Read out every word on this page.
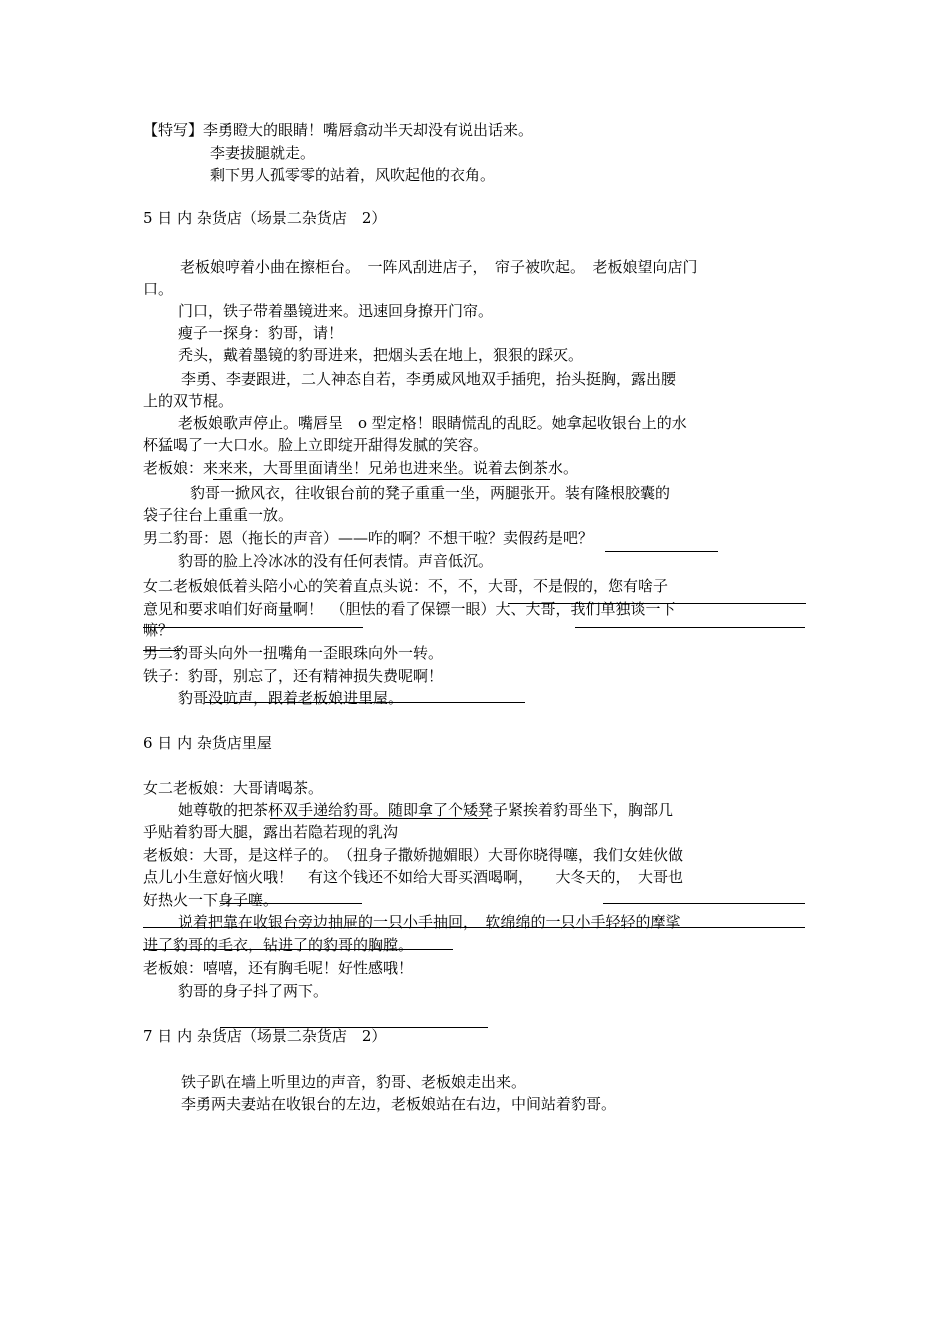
【特写】李勇瞪大的眼睛！嘴唇翕动半天却没有说出话来。
李妻拔腿就走。
剩下男人孤零零的站着，风吹起他的衣角。
5 日 内 杂货店（场景二杂货店　2）
老板娘哼着小曲在擦柜台。　一阵风刮进店子，　帘子被吹起。　老板娘望向店门
口。
门口，铁子带着墨镜进来。迅速回身撩开门帘。
瘦子一探身：豹哥，请！
秃头，戴着墨镜的豹哥进来，把烟头丢在地上，狠狠的踩灭。
李勇、李妻跟进，二人神态自若，李勇威风地双手插兜，抬头挺胸，露出腰
上的双节棍。
老板娘歌声停止。嘴唇呈　o 型定格！眼睛慌乱的乱眨。她拿起收银台上的水
杯猛喝了一大口水。脸上立即绽开甜得发腻的笑容。
老板娘：来来来，大哥里面请坐！兄弟也进来坐。说着去倒茶水。
豹哥一掀风衣，往收银台前的凳子重重一坐，两腿张开。装有隆根胶囊的
袋子往台上重重一放。
男二豹哥：恩（拖长的声音）——咋的啊？不想干啦？卖假药是吧？
豹哥的脸上冷冰冰的没有任何表情。声音低沉。
女二老板娘低着头陪小心的笑着直点头说：不，不，大哥，不是假的，您有啥子
意见和要求咱们好商量啊！　（胆怯的看了保镖一眼）大、大哥，我们单独谈一下
嘛？
男二豹哥头向外一扭嘴角一歪眼珠向外一转。
铁子：豹哥，别忘了，还有精神损失费呢啊！
豹哥没吭声，跟着老板娘进里屋。
6 日 内 杂货店里屋
女二老板娘：大哥请喝茶。
她尊敬的把茶杯双手递给豹哥。随即拿了个矮凳子紧挨着豹哥坐下，胸部几
乎贴着豹哥大腿，露出若隐若现的乳沟
老板娘：大哥，是这样子的。　（扭身子撒娇抛媚眼）大哥你晓得噻，我们女娃伙做
点儿小生意好恼火哦！　有这个钱还不如给大哥买酒喝啊，　　大冬天的，　大哥也
好热火一下身子噻。
说着把靠在收银台旁边抽屉的一只小手抽回，　软绵绵的一只小手轻轻的摩挲
进了豹哥的毛衣，钻进了的豹哥的胸膛。
老板娘：嘻嘻，还有胸毛呢！好性感哦！
豹哥的身子抖了两下。
7 日 内 杂货店（场景二杂货店　2）
铁子趴在墙上听里边的声音，豹哥、老板娘走出来。
李勇两夫妻站在收银台的左边，老板娘站在右边，中间站着豹哥。
